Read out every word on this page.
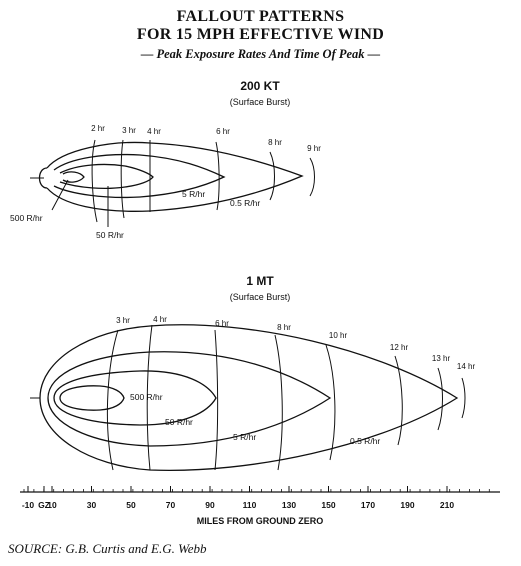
FALLOUT PATTERNS
FOR 15 MPH EFFECTIVE WIND
— Peak Exposure Rates And Time Of Peak —
200 KT
(Surface Burst)
2 hr 3 hr 4 hr	6 hr
8 hr
9 hr
500 R/hr
50 R/hr
5 R/hr
0.5 R/hr
1 MT
(Surface Burst)
3 hr	4 hr	6 hr	8 hr
10 hr
12 hr
13 hr
14 hr
500 R/hr
50 R/hr
5 R/hr	0.5 R/hr
-10 GZ
10	30	50	70	90	110	130	150	170	190	210
MILES FROM GROUND ZERO
SOURCE: G.B. Curtis and E.G. Webb
